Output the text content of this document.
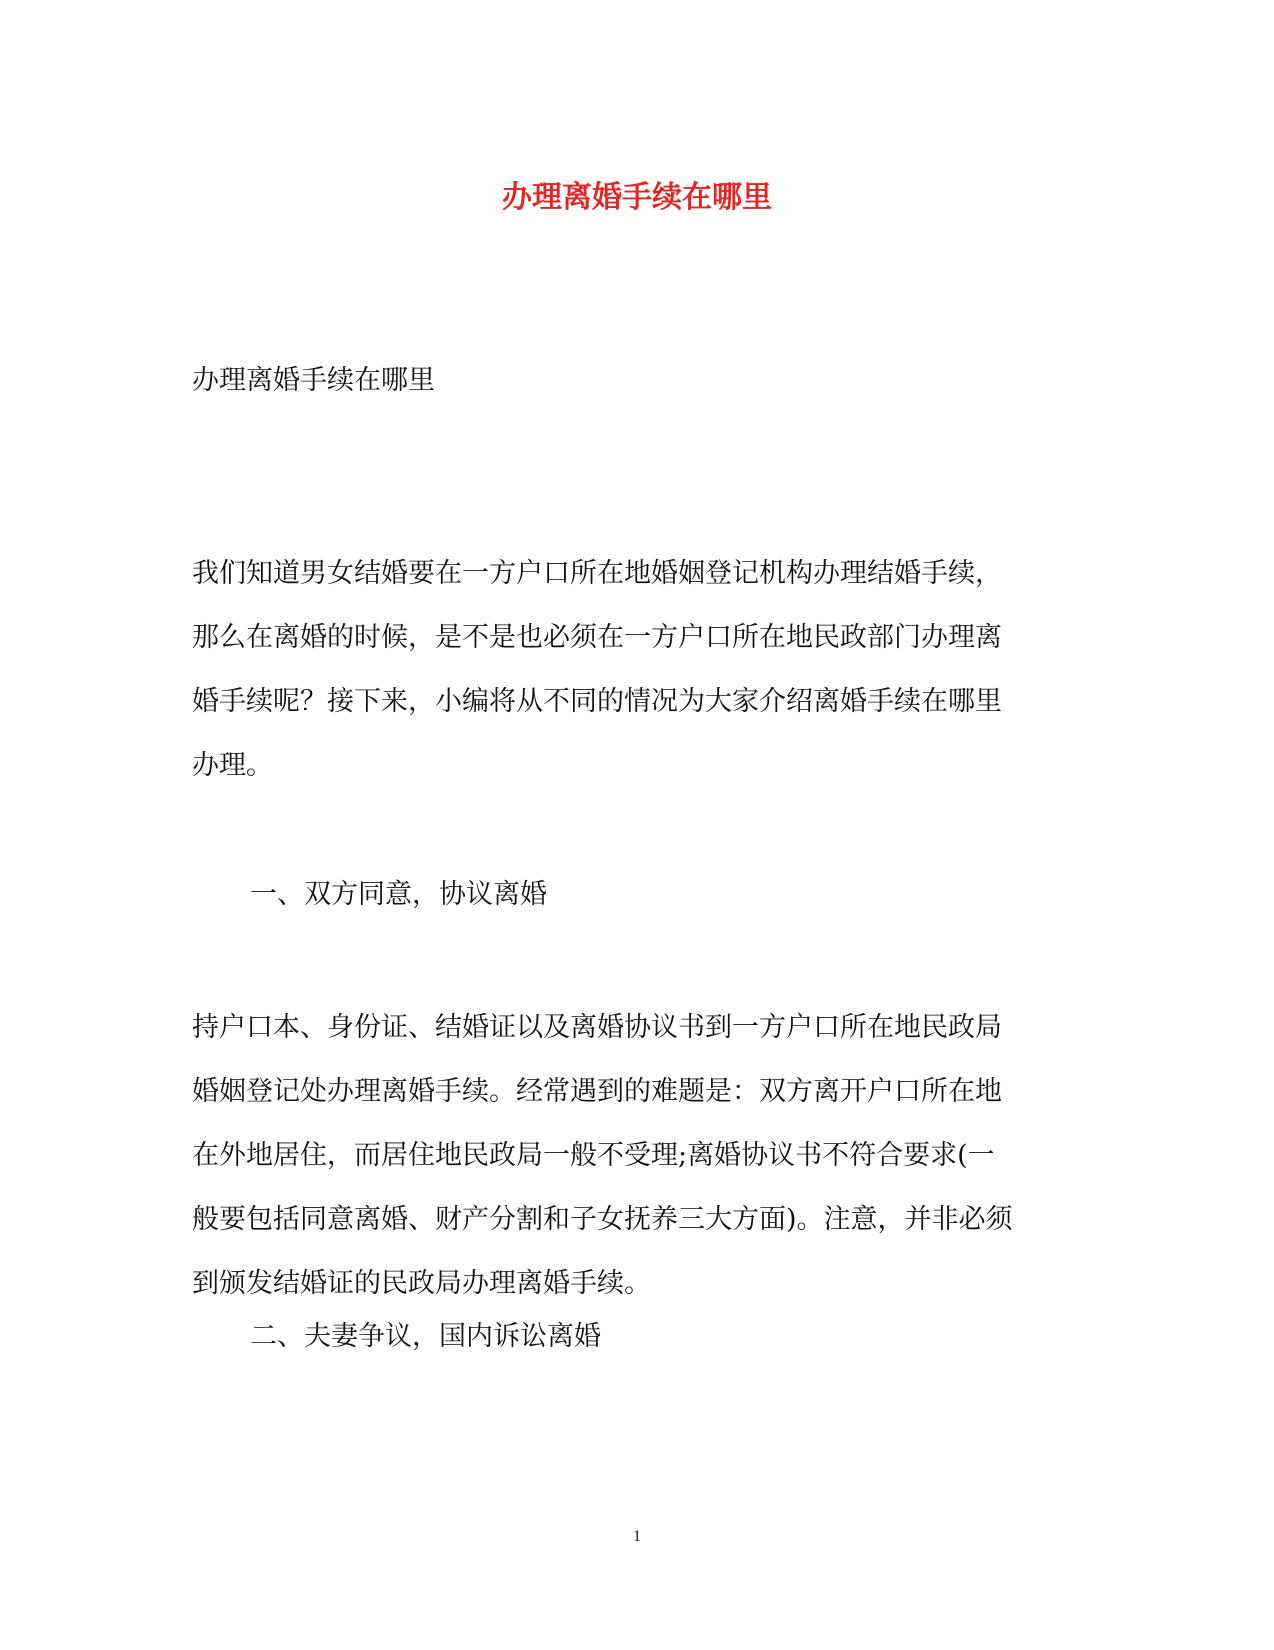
办理离婚手续在哪里
办理离婚手续在哪里
我们知道男女结婚要在一方户口所在地婚姻登记机构办理结婚手续，
那么在离婚的时候，是不是也必须在一方户口所在地民政部门办理离
婚手续呢？接下来，小编将从不同的情况为大家介绍离婚手续在哪里
办理。
一、双方同意，协议离婚
持户口本、身份证、结婚证以及离婚协议书到一方户口所在地民政局
婚姻登记处办理离婚手续。经常遇到的难题是：双方离开户口所在地
在外地居住，而居住地民政局一般不受理;离婚协议书不符合要求(一
般要包括同意离婚、财产分割和子女抚养三大方面)。注意，并非必须
到颁发结婚证的民政局办理离婚手续。
二、夫妻争议，国内诉讼离婚
1
